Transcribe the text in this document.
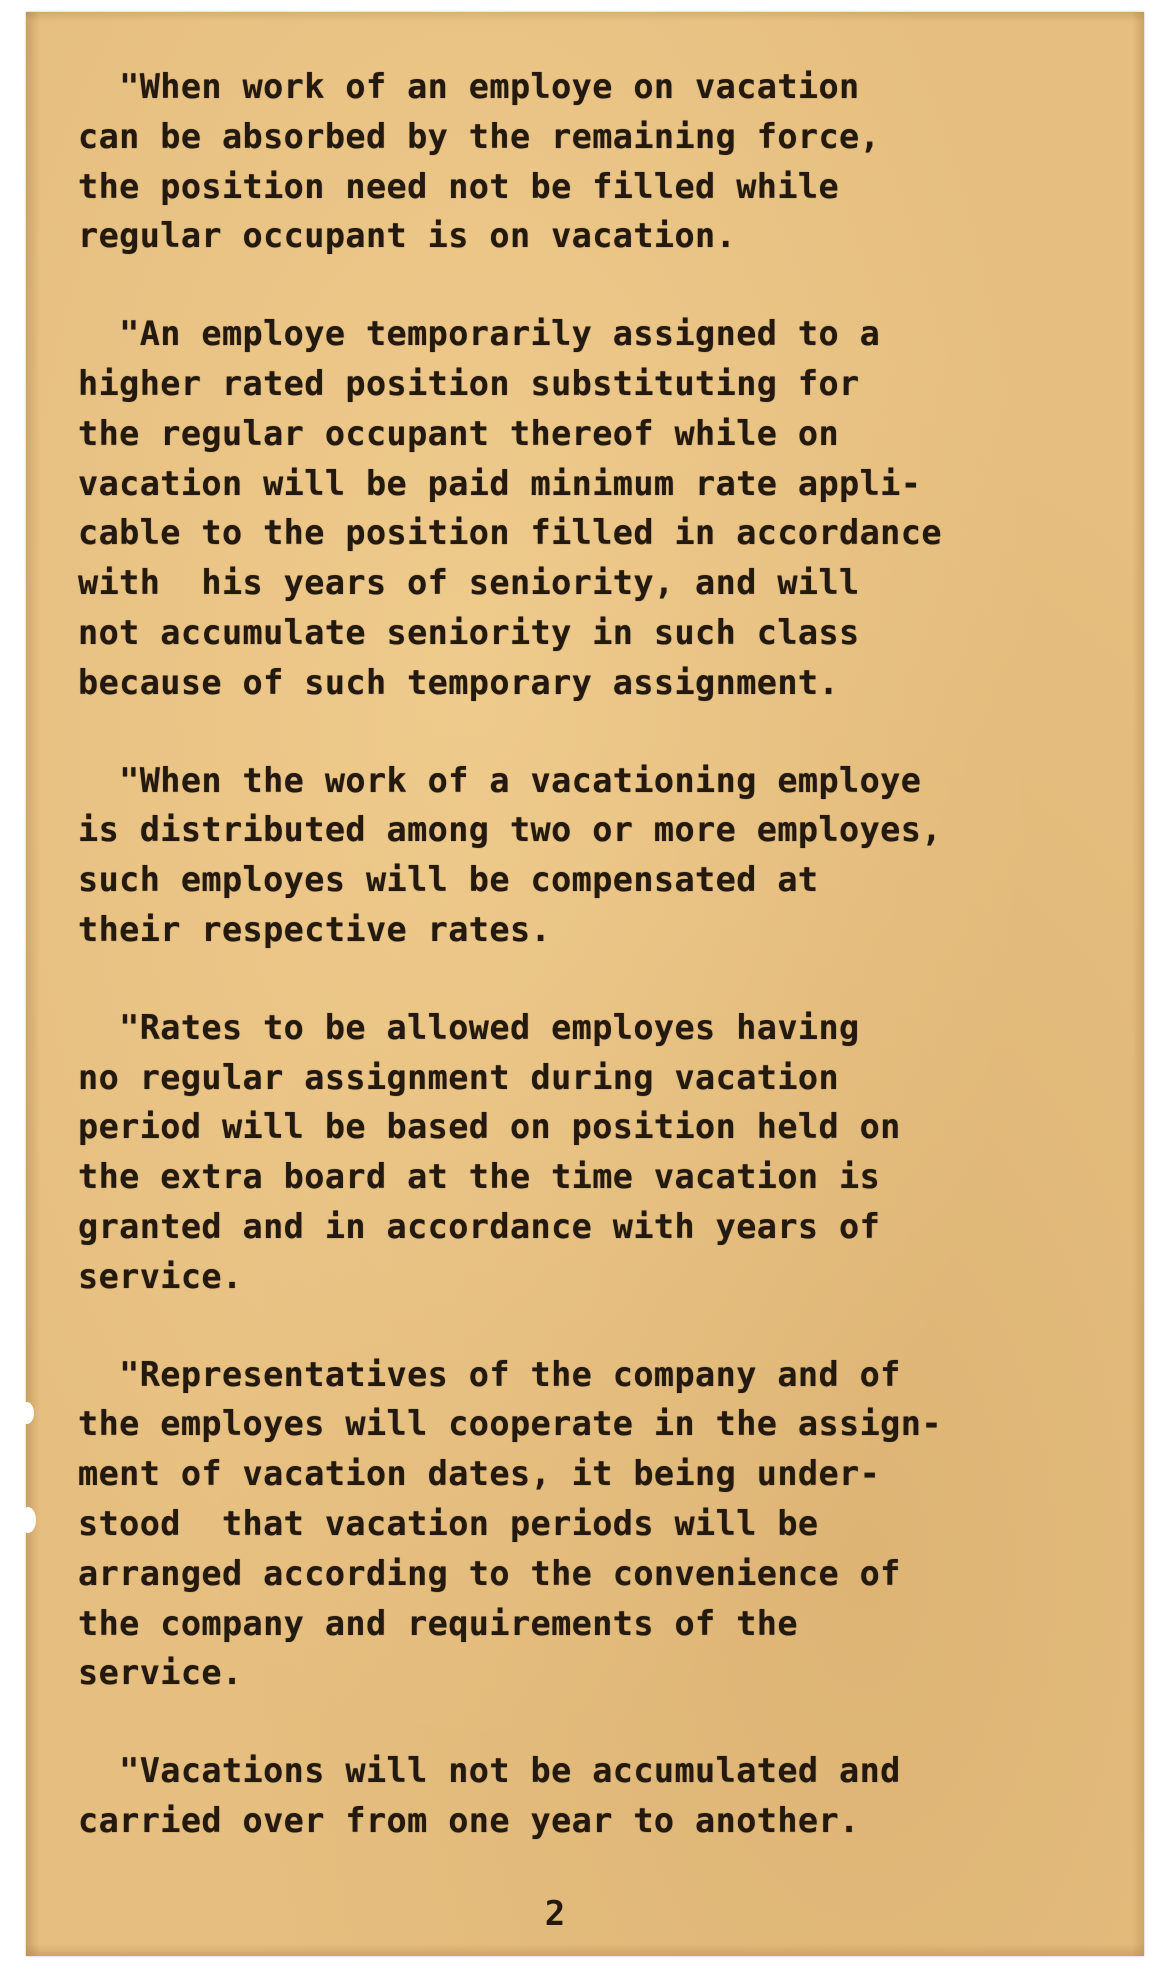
"When work of an employe on vacation
can be absorbed by the remaining force,
the position need not be filled while
regular occupant is on vacation.
"An employe temporarily assigned to a
higher rated position substituting for
the regular occupant thereof while on
vacation will be paid minimum rate appli-
cable to the position filled in accordance
with  his years of seniority, and will
not accumulate seniority in such class
because of such temporary assignment.
"When the work of a vacationing employe
is distributed among two or more employes,
such employes will be compensated at
their respective rates.
"Rates to be allowed employes having
no regular assignment during vacation
period will be based on position held on
the extra board at the time vacation is
granted and in accordance with years of
service.
"Representatives of the company and of
the employes will cooperate in the assign-
ment of vacation dates, it being under-
stood  that vacation periods will be
arranged according to the convenience of
the company and requirements of the
service.
"Vacations will not be accumulated and
carried over from one year to another.
2
